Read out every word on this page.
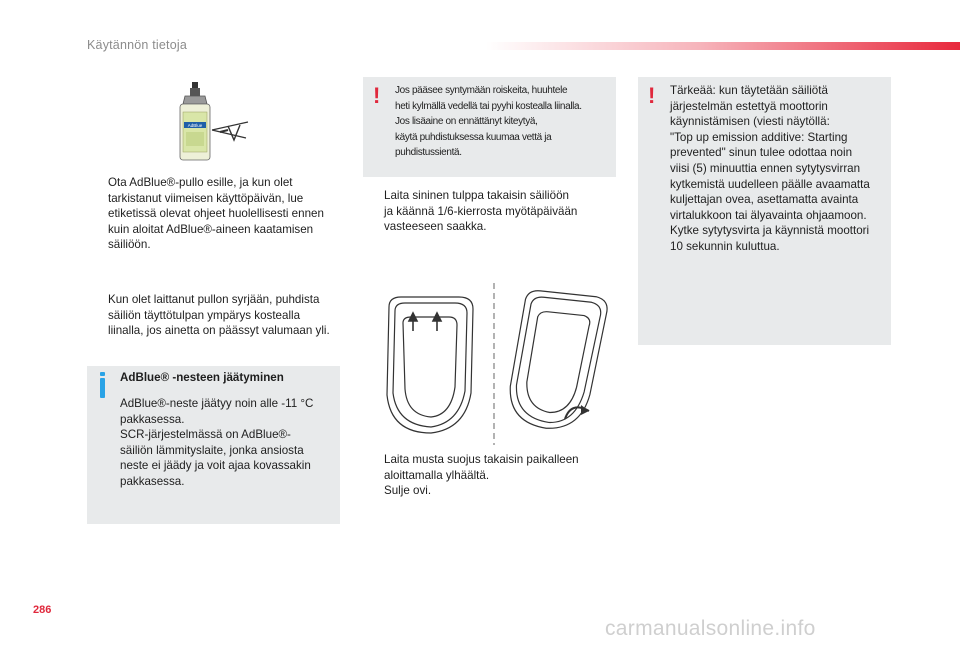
Käytännön tietoja
AdBlue
Ota AdBlue®-pullo esille, ja kun olet
tarkistanut viimeisen käyttöpäivän, lue
etiketissä olevat ohjeet huolellisesti ennen
kuin aloitat AdBlue®-aineen kaatamisen
säiliöön.
Kun olet laittanut pullon syrjään, puhdista
säiliön täyttötulpan ympärys kostealla
liinalla, jos ainetta on päässyt valumaan yli.
AdBlue® -nesteen jäätyminen
AdBlue®-neste jäätyy noin alle -11 °C
pakkasessa.
SCR-järjestelmässä on AdBlue®-
säiliön lämmityslaite, jonka ansiosta
neste ei jäädy ja voit ajaa kovassakin
pakkasessa.
! Jos pääsee syntymään roiskeita, huuhtele
heti kylmällä vedellä tai pyyhi kostealla liinalla.
Jos lisäaine on ennättänyt kiteytyä,
käytä puhdistuksessa kuumaa vettä ja
puhdistussientä.
Laita sininen tulppa takaisin säiliöön
ja käännä 1/6-kierrosta myötäpäivään
vasteeseen saakka.
Laita musta suojus takaisin paikalleen
aloittamalla ylhäältä.
Sulje ovi.
! Tärkeää: kun täytetään säiliötä
järjestelmän estettyä moottorin
käynnistämisen (viesti näytöllä:
"Top up emission additive: Starting
prevented" sinun tulee odottaa noin
viisi (5) minuuttia ennen sytytysvirran
kytkemistä uudelleen päälle avaamatta
kuljettajan ovea, asettamatta avainta
virtalukkoon tai älyavainta ohjaamoon.
Kytke sytytysvirta ja käynnistä moottori
10 sekunnin kuluttua.
286
carmanualsonline.info
